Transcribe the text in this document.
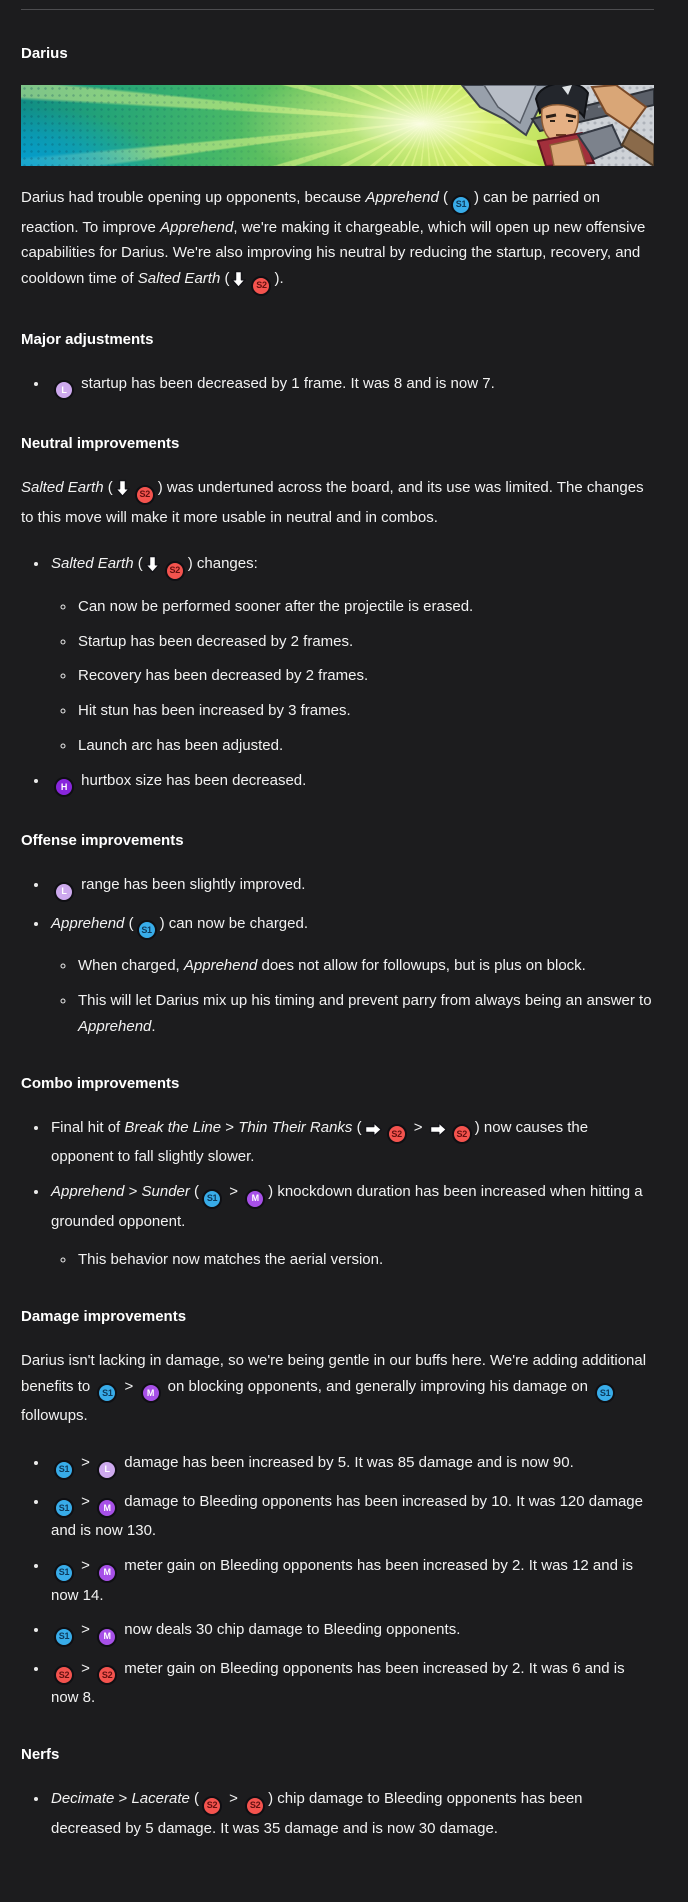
Darius

Darius had trouble opening up opponents, because Apprehend ( S1 ) can be parried on reaction. To improve Apprehend, we're making it chargeable, which will open up new offensive capabilities for Darius. We're also improving his neutral by reducing the startup, recovery, and cooldown time of Salted Earth (	S2 ).

Major adjustments
• L startup has been decreased by 1 frame. It was 8 and is now 7.
Neutral improvements

Salted Earth (	S2 ) was undertuned across the board, and its use was limited. The changes to this move will make it more usable in neutral and in combos.

• Salted Earth (	S2 ) changes:
◦ Can now be performed sooner after the projectile is erased.
◦ Startup has been decreased by 2 frames.
◦ Recovery has been decreased by 2 frames.
◦ Hit stun has been increased by 3 frames.
◦ Launch arc has been adjusted.
• H hurtbox size has been decreased.
Offense improvements
• L range has been slightly improved.
• Apprehend ( S1 ) can now be charged.
◦ When charged, Apprehend does not allow for followups, but is plus on block.
◦ This will let Darius mix up his timing and prevent parry from always being an answer to Apprehend.
Combo improvements
• Final hit of Break the Line > Thin Their Ranks (	S2 >	S2 ) now causes the opponent to fall slightly slower.
• Apprehend > Sunder ( S1 > M ) knockdown duration has been increased when hitting a grounded opponent.
◦ This behavior now matches the aerial version.
Damage improvements

Darius isn't lacking in damage, so we're being gentle in our buffs here. We're adding additional benefits to S1 > M on blocking opponents, and generally improving his damage on S1 followups.

• S1 > L damage has been increased by 5. It was 85 damage and is now 90.
• S1 > M damage to Bleeding opponents has been increased by 10. It was 120 damage and is now 130.
• S1 > M meter gain on Bleeding opponents has been increased by 2. It was 12 and is now 14.
• S1 > M now deals 30 chip damage to Bleeding opponents.
• S2 > S2 meter gain on Bleeding opponents has been increased by 2. It was 6 and is now 8.
Nerfs
• Decimate > Lacerate ( S2 > S2 ) chip damage to Bleeding opponents has been decreased by 5 damage. It was 35 damage and is now 30 damage.
